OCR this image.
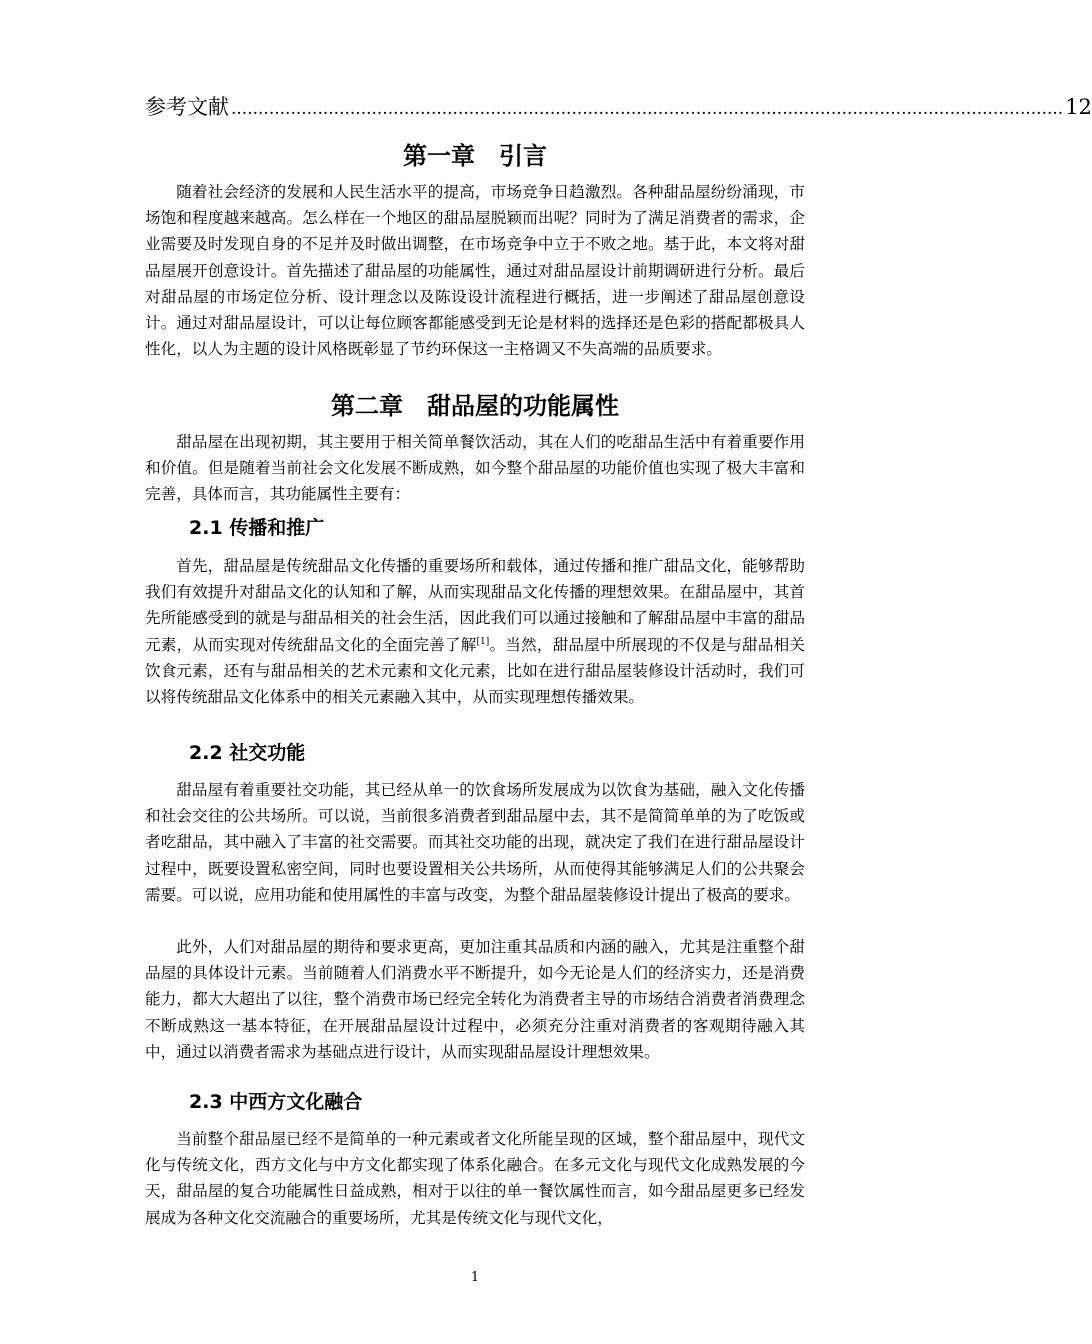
参考文献 .......................................................................................................................................................... 12
第一章　引言

随着社会经济的发展和人民生活水平的提高，市场竞争日趋激烈。各种甜品屋纷纷涌现，市场饱和程度越来越高。怎么样在一个地区的甜品屋脱颖而出呢？同时为了满足消费者的需求，企业需要及时发现自身的不足并及时做出调整，在市场竞争中立于不败之地。基于此，本文将对甜品屋展开创意设计。首先描述了甜品屋的功能属性，通过对甜品屋设计前期调研进行分析。最后对甜品屋的市场定位分析、设计理念以及陈设设计流程进行概括，进一步阐述了甜品屋创意设计。通过对甜品屋设计，可以让每位顾客都能感受到无论是材料的选择还是色彩的搭配都极具人性化，以人为主题的设计风格既彰显了节约环保这一主格调又不失高端的品质要求。

第二章　甜品屋的功能属性

甜品屋在出现初期，其主要用于相关简单餐饮活动，其在人们的吃甜品生活中有着重要作用和价值。但是随着当前社会文化发展不断成熟，如今整个甜品屋的功能价值也实现了极大丰富和完善，具体而言，其功能属性主要有：

2.1 传播和推广

首先，甜品屋是传统甜品文化传播的重要场所和载体，通过传播和推广甜品文化，能够帮助我们有效提升对甜品文化的认知和了解，从而实现甜品文化传播的理想效果。在甜品屋中，其首先所能感受到的就是与甜品相关的社会生活，因此我们可以通过接触和了解甜品屋中丰富的甜品元素，从而实现对传统甜品文化的全面完善了解[1]。当然，甜品屋中所展现的不仅是与甜品相关饮食元素，还有与甜品相关的艺术元素和文化元素，比如在进行甜品屋装修设计活动时，我们可以将传统甜品文化体系中的相关元素融入其中，从而实现理想传播效果。

2.2 社交功能

甜品屋有着重要社交功能，其已经从单一的饮食场所发展成为以饮食为基础，融入文化传播和社会交往的公共场所。可以说，当前很多消费者到甜品屋中去，其不是简简单单的为了吃饭或者吃甜品，其中融入了丰富的社交需要。而其社交功能的出现，就决定了我们在进行甜品屋设计过程中，既要设置私密空间，同时也要设置相关公共场所，从而使得其能够满足人们的公共聚会需要。可以说，应用功能和使用属性的丰富与改变，为整个甜品屋装修设计提出了极高的要求。

此外，人们对甜品屋的期待和要求更高，更加注重其品质和内涵的融入，尤其是注重整个甜品屋的具体设计元素。当前随着人们消费水平不断提升，如今无论是人们的经济实力，还是消费能力，都大大超出了以往，整个消费市场已经完全转化为消费者主导的市场结合消费者消费理念不断成熟这一基本特征，在开展甜品屋设计过程中，必须充分注重对消费者的客观期待融入其中，通过以消费者需求为基础点进行设计，从而实现甜品屋设计理想效果。

2.3 中西方文化融合

当前整个甜品屋已经不是简单的一种元素或者文化所能呈现的区域，整个甜品屋中，现代文化与传统文化，西方文化与中方文化都实现了体系化融合。在多元文化与现代文化成熟发展的今天，甜品屋的复合功能属性日益成熟，相对于以往的单一餐饮属性而言，如今甜品屋更多已经发展成为各种文化交流融合的重要场所，尤其是传统文化与现代文化，

1
